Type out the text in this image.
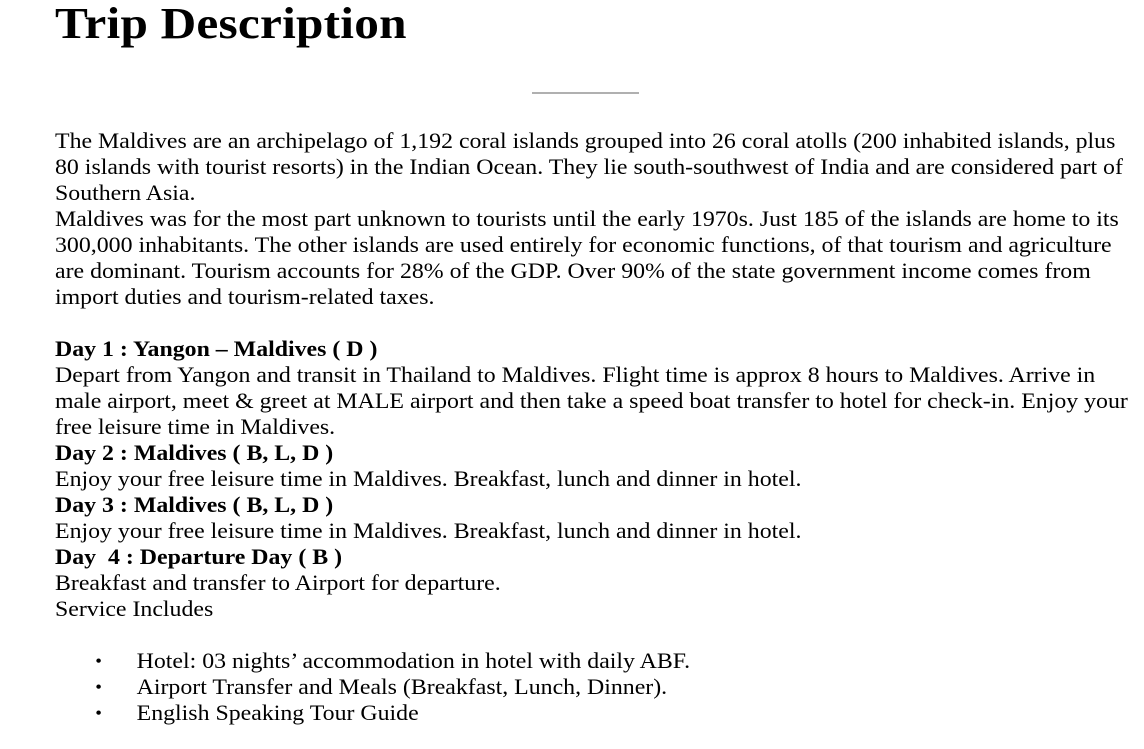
Trip Description

The Maldives are an archipelago of 1,192 coral islands grouped into 26 coral atolls (200 inhabited islands, plus 80 islands with tourist resorts) in the Indian Ocean. They lie south-southwest of India and are considered part of Southern Asia.

Maldives was for the most part unknown to tourists until the early 1970s. Just 185 of the islands are home to its 300,000 inhabitants. The other islands are used entirely for economic functions, of that tourism and agriculture are dominant. Tourism accounts for 28% of the GDP. Over 90% of the state government income comes from import duties and tourism-related taxes.

Day 1 : Yangon – Maldives ( D )

Depart from Yangon and transit in Thailand to Maldives. Flight time is approx 8 hours to Maldives. Arrive in male airport, meet & greet at MALE airport and then take a speed boat transfer to hotel for check-in. Enjoy your free leisure time in Maldives.

Day 2 : Maldives ( B, L, D )

Enjoy your free leisure time in Maldives. Breakfast, lunch and dinner in hotel.

Day 3 : Maldives ( B, L, D )

Enjoy your free leisure time in Maldives. Breakfast, lunch and dinner in hotel.

Day  4 : Departure Day ( B )

Breakfast and transfer to Airport for departure.

Service Includes

• Hotel: 03 nights’ accommodation in hotel with daily ABF.
• Airport Transfer and Meals (Breakfast, Lunch, Dinner).
• English Speaking Tour Guide
